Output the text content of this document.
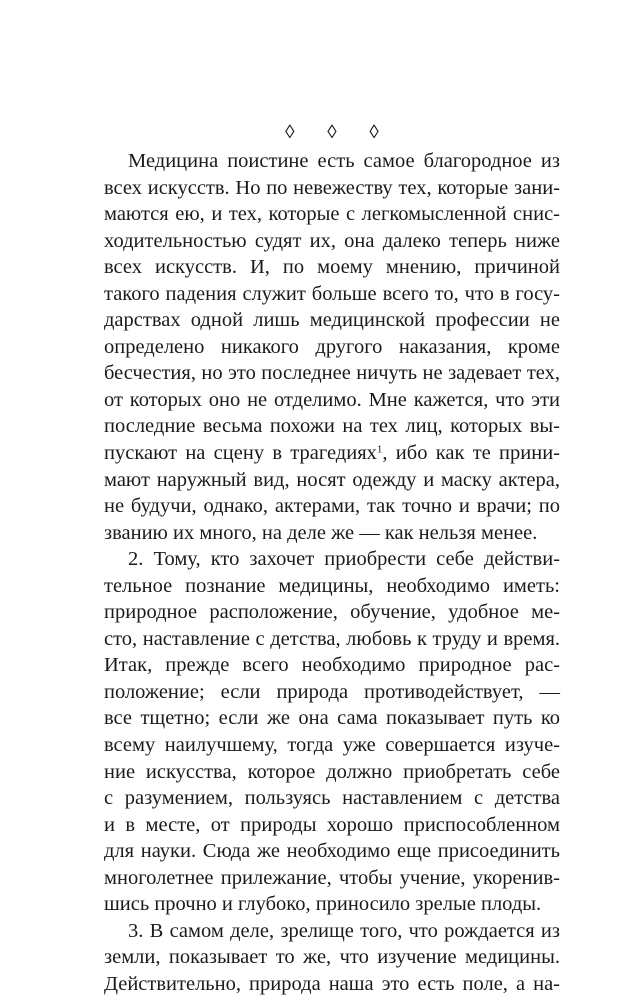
◊ ◊ ◊
Медицина поистине есть самое благородное из
всех искусств. Но по невежеству тех, которые зани-
маются ею, и тех, которые с легкомысленной снис-
ходительностью судят их, она далеко теперь ниже
всех искусств. И, по моему мнению, причиной
такого падения служит больше всего то, что в госу-
дарствах одной лишь медицинской профессии не
определено никакого другого наказания, кроме
бесчестия, но это последнее ничуть не задевает тех,
от которых оно не отделимо. Мне кажется, что эти
последние весьма похожи на тех лиц, которых вы-
пускают на сцену в трагедиях$^1$, ибо как те прини-
мают наружный вид, носят одежду и маску актера,
не будучи, однако, актерами, так точно и врачи; по
званию их много, на деле же — как нельзя менее.
2. Тому, кто захочет приобрести себе действи-
тельное познание медицины, необходимо иметь:
природное расположение, обучение, удобное ме-
сто, наставление с детства, любовь к труду и время.
Итак, прежде всего необходимо природное рас-
положение; если природа противодействует, —
все тщетно; если же она сама показывает путь ко
всему наилучшему, тогда уже совершается изуче-
ние искусства, которое должно приобретать себе
с разумением, пользуясь наставлением с детства
и в месте, от природы хорошо приспособленном
для науки. Сюда же необходимо еще присоединить
многолетнее прилежание, чтобы учение, укоренив-
шись прочно и глубоко, приносило зрелые плоды.
3. В самом деле, зрелище того, что рождается из
земли, показывает то же, что изучение медицины.
Действительно, природа наша это есть поле, а на-
